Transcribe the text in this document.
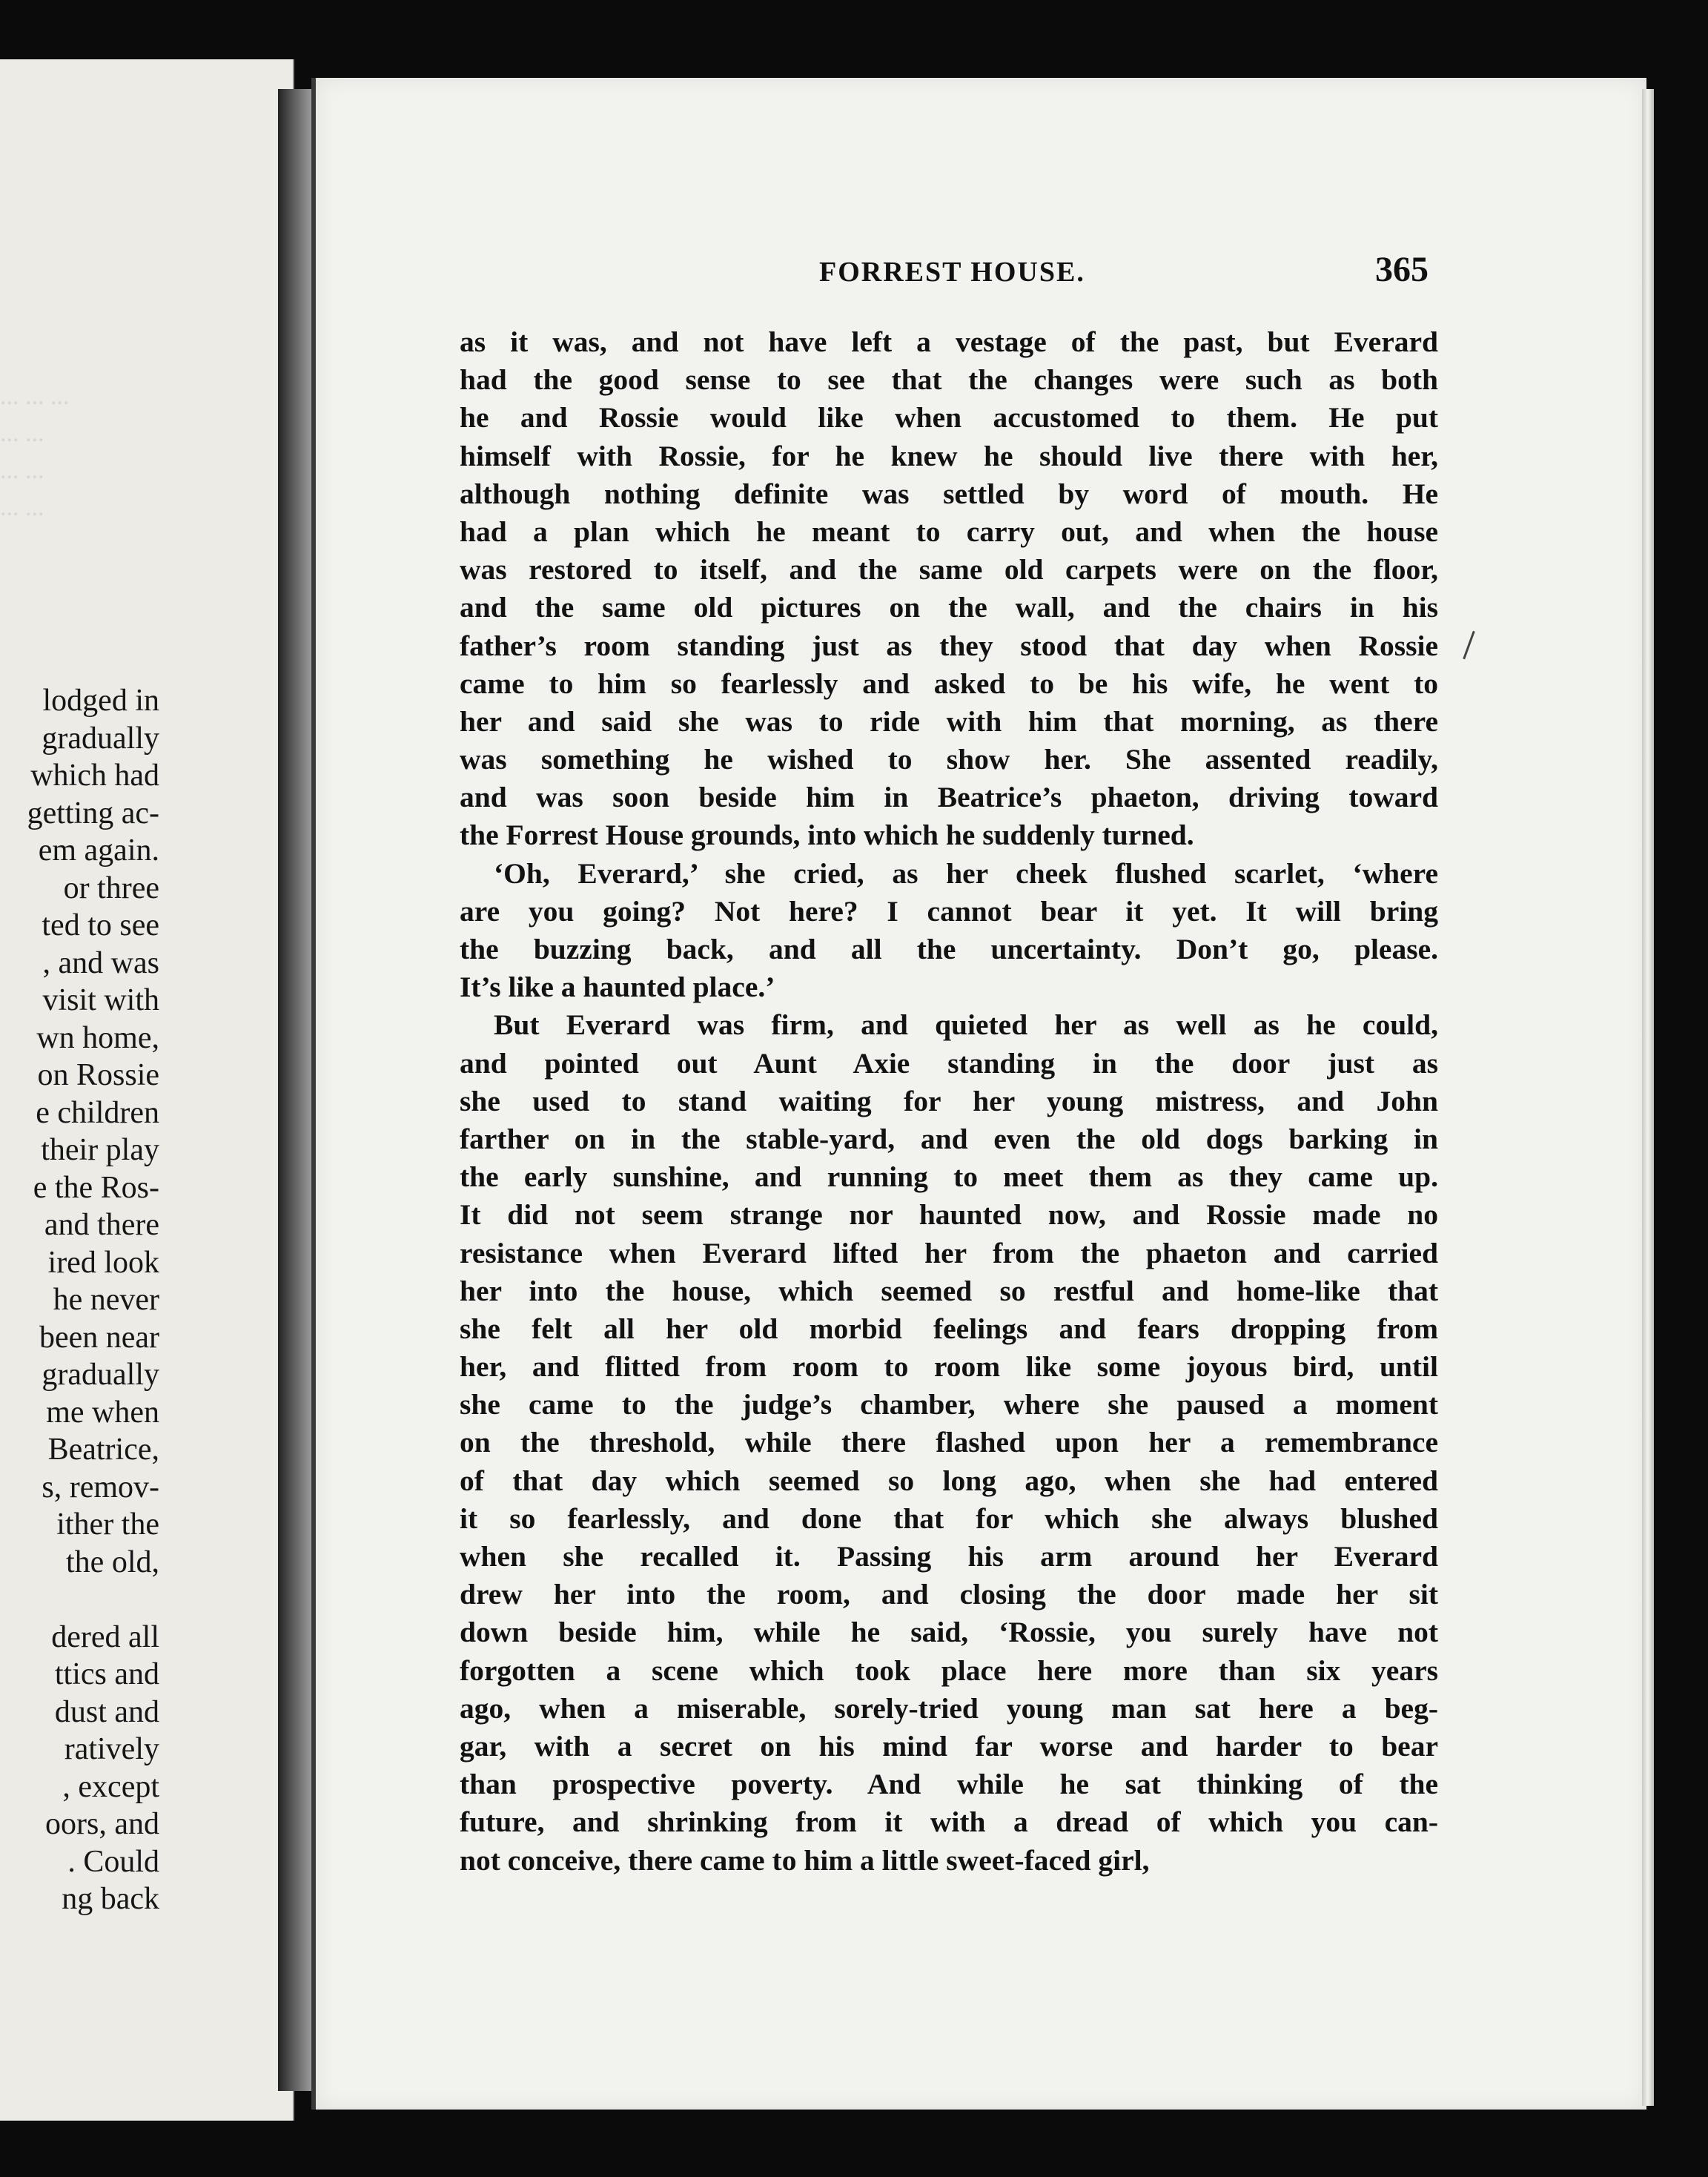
... ... ...
... ...
... ...
... ...
lodged in
gradually
which had
getting ac-
em again.
or three
ted to see
, and was
visit with
wn home,
on Rossie
e children
their play
e the Ros-
and there
ired look
he never
been near
gradually
me when
Beatrice,
s, remov-
ither the
the old,
dered all
ttics and
dust and
ratively
, except
oors, and
. Could
ng back
FORREST HOUSE.	365
as it was, and not have left a vestage of the past, but Everard
had the good sense to see that the changes were such as both
he and Rossie would like when accustomed to them. He put
himself with Rossie, for he knew he should live there with her,
although nothing definite was settled by word of mouth. He
had a plan which he meant to carry out, and when the house
was restored to itself, and the same old carpets were on the floor,
and the same old pictures on the wall, and the chairs in his
father’s room standing just as they stood that day when Rossie
came to him so fearlessly and asked to be his wife, he went to
her and said she was to ride with him that morning, as there
was something he wished to show her. She assented readily,
and was soon beside him in Beatrice’s phaeton, driving toward
the Forrest House grounds, into which he suddenly turned.
‘Oh, Everard,’ she cried, as her cheek flushed scarlet, ‘where
are you going? Not here? I cannot bear it yet. It will bring
the buzzing back, and all the uncertainty. Don’t go, please.
It’s like a haunted place.’
But Everard was firm, and quieted her as well as he could,
and pointed out Aunt Axie standing in the door just as
she used to stand waiting for her young mistress, and John
farther on in the stable-yard, and even the old dogs barking in
the early sunshine, and running to meet them as they came up.
It did not seem strange nor haunted now, and Rossie made no
resistance when Everard lifted her from the phaeton and carried
her into the house, which seemed so restful and home-like that
she felt all her old morbid feelings and fears dropping from
her, and flitted from room to room like some joyous bird, until
she came to the judge’s chamber, where she paused a moment
on the threshold, while there flashed upon her a remembrance
of that day which seemed so long ago, when she had entered
it so fearlessly, and done that for which she always blushed
when she recalled it. Passing his arm around her Everard
drew her into the room, and closing the door made her sit
down beside him, while he said, ‘Rossie, you surely have not
forgotten a scene which took place here more than six years
ago, when a miserable, sorely-tried young man sat here a beg-
gar, with a secret on his mind far worse and harder to bear
than prospective poverty. And while he sat thinking of the
future, and shrinking from it with a dread of which you can-
not conceive, there came to him a little sweet-faced girl,
